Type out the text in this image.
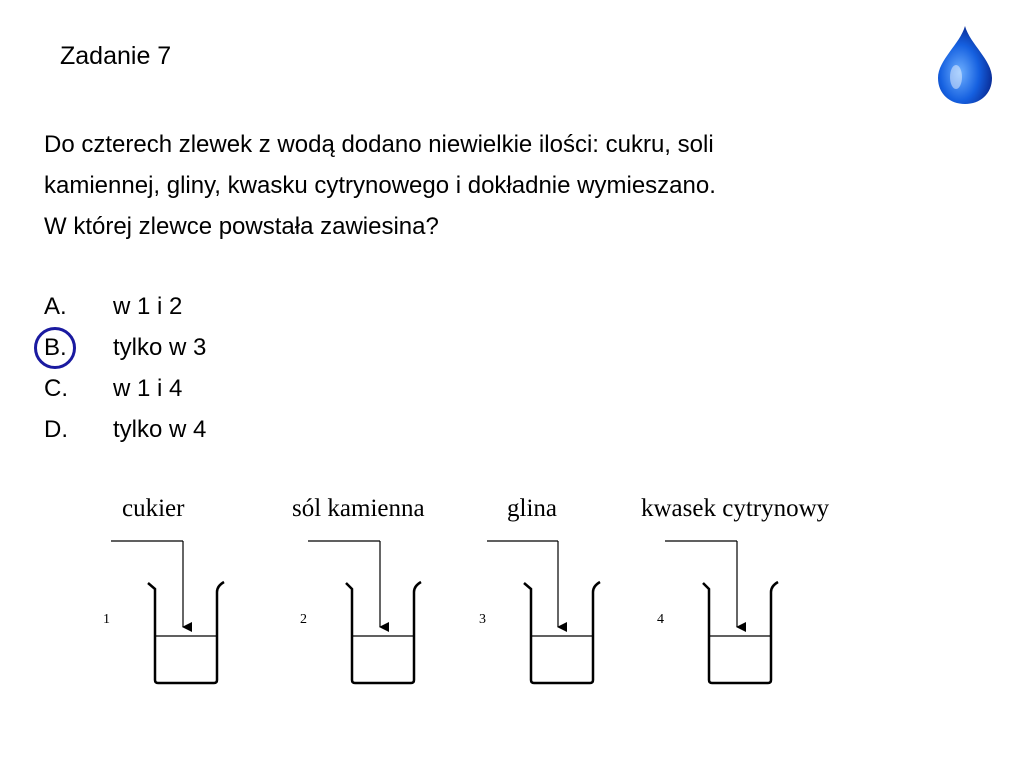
Zadanie 7
Do czterech zlewek z wodą dodano niewielkie ilości: cukru, soli
kamiennej, gliny, kwasku cytrynowego i dokładnie wymieszano.
W której zlewce powstała zawiesina?
A. w 1 i 2
B. tylko w 3
C. w 1 i 4
D. tylko w 4
cukier	sól kamienna	glina	kwasek cytrynowy
1	2	3	4
